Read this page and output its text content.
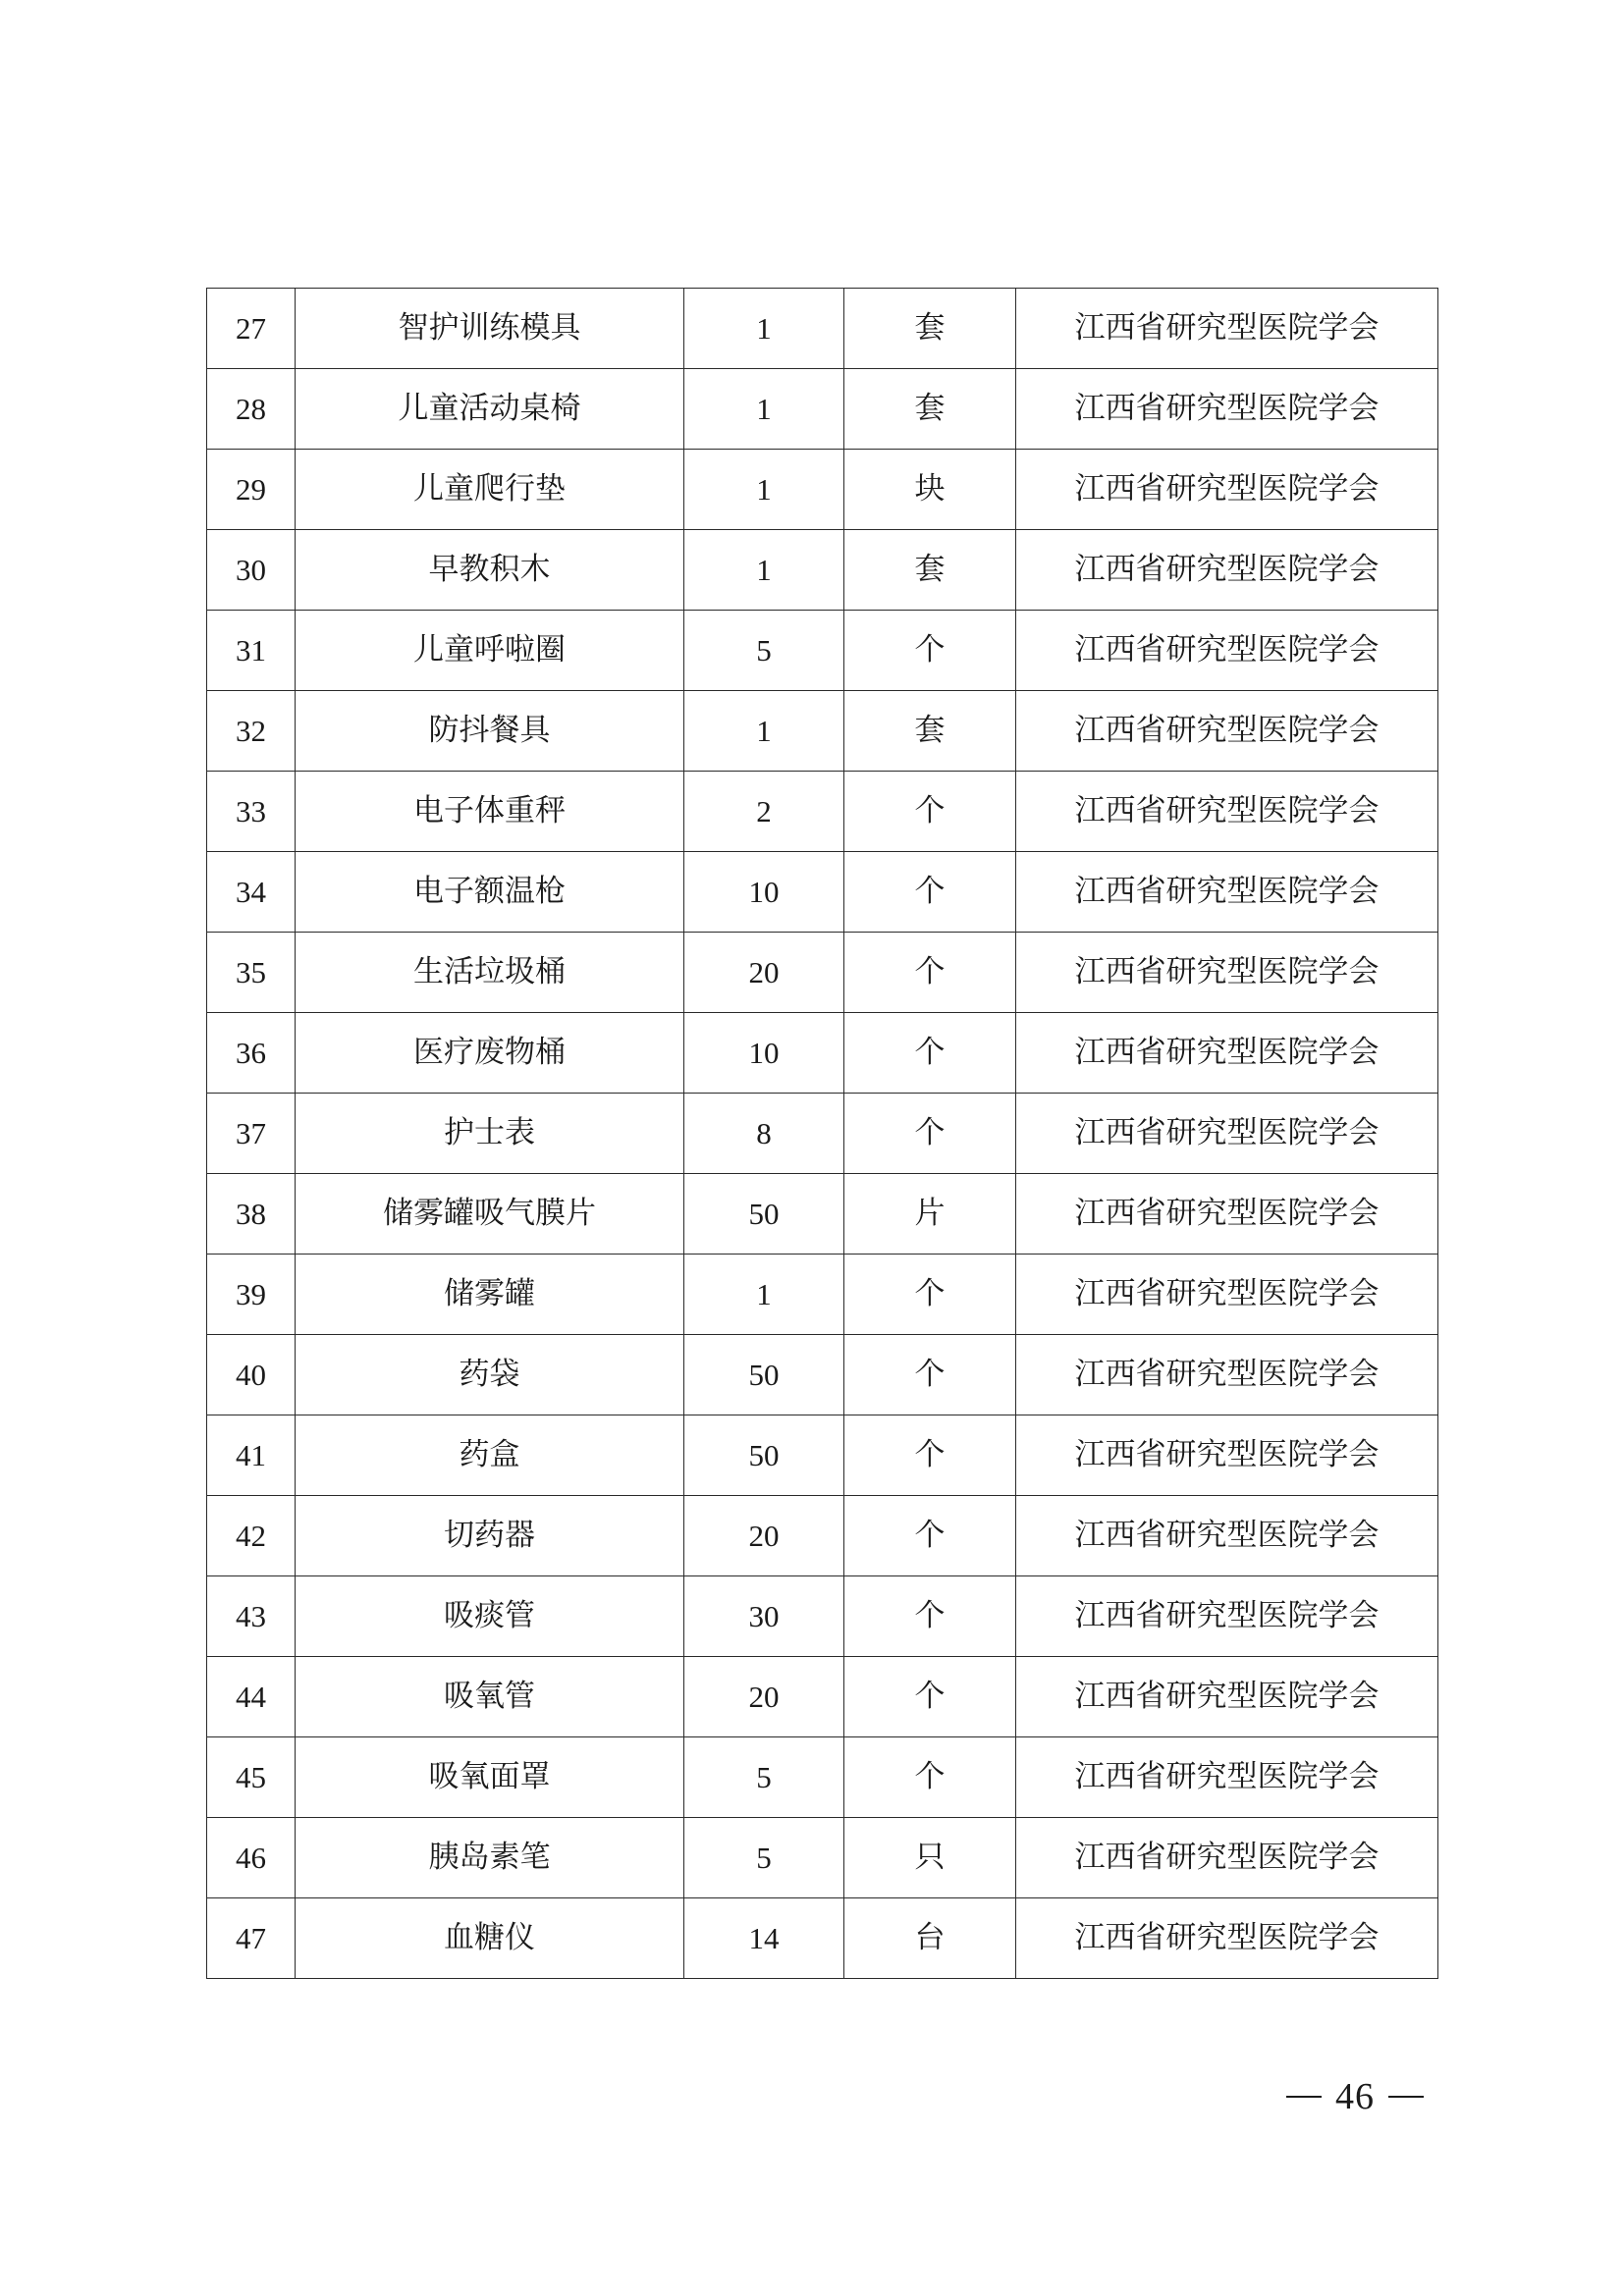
27	智护训练模具	1	套	江西省研究型医院学会
28	儿童活动桌椅	1	套	江西省研究型医院学会
29	儿童爬行垫	1	块	江西省研究型医院学会
30	早教积木	1	套	江西省研究型医院学会
31	儿童呼啦圈	5	个	江西省研究型医院学会
32	防抖餐具	1	套	江西省研究型医院学会
33	电子体重秤	2	个	江西省研究型医院学会
34	电子额温枪	10	个	江西省研究型医院学会
35	生活垃圾桶	20	个	江西省研究型医院学会
36	医疗废物桶	10	个	江西省研究型医院学会
37	护士表	8	个	江西省研究型医院学会
38	储雾罐吸气膜片	50	片	江西省研究型医院学会
39	储雾罐	1	个	江西省研究型医院学会
40	药袋	50	个	江西省研究型医院学会
41	药盒	50	个	江西省研究型医院学会
42	切药器	20	个	江西省研究型医院学会
43	吸痰管	30	个	江西省研究型医院学会
44	吸氧管	20	个	江西省研究型医院学会
45	吸氧面罩	5	个	江西省研究型医院学会
46	胰岛素笔	5	只	江西省研究型医院学会
47	血糖仪	14	台	江西省研究型医院学会
46
